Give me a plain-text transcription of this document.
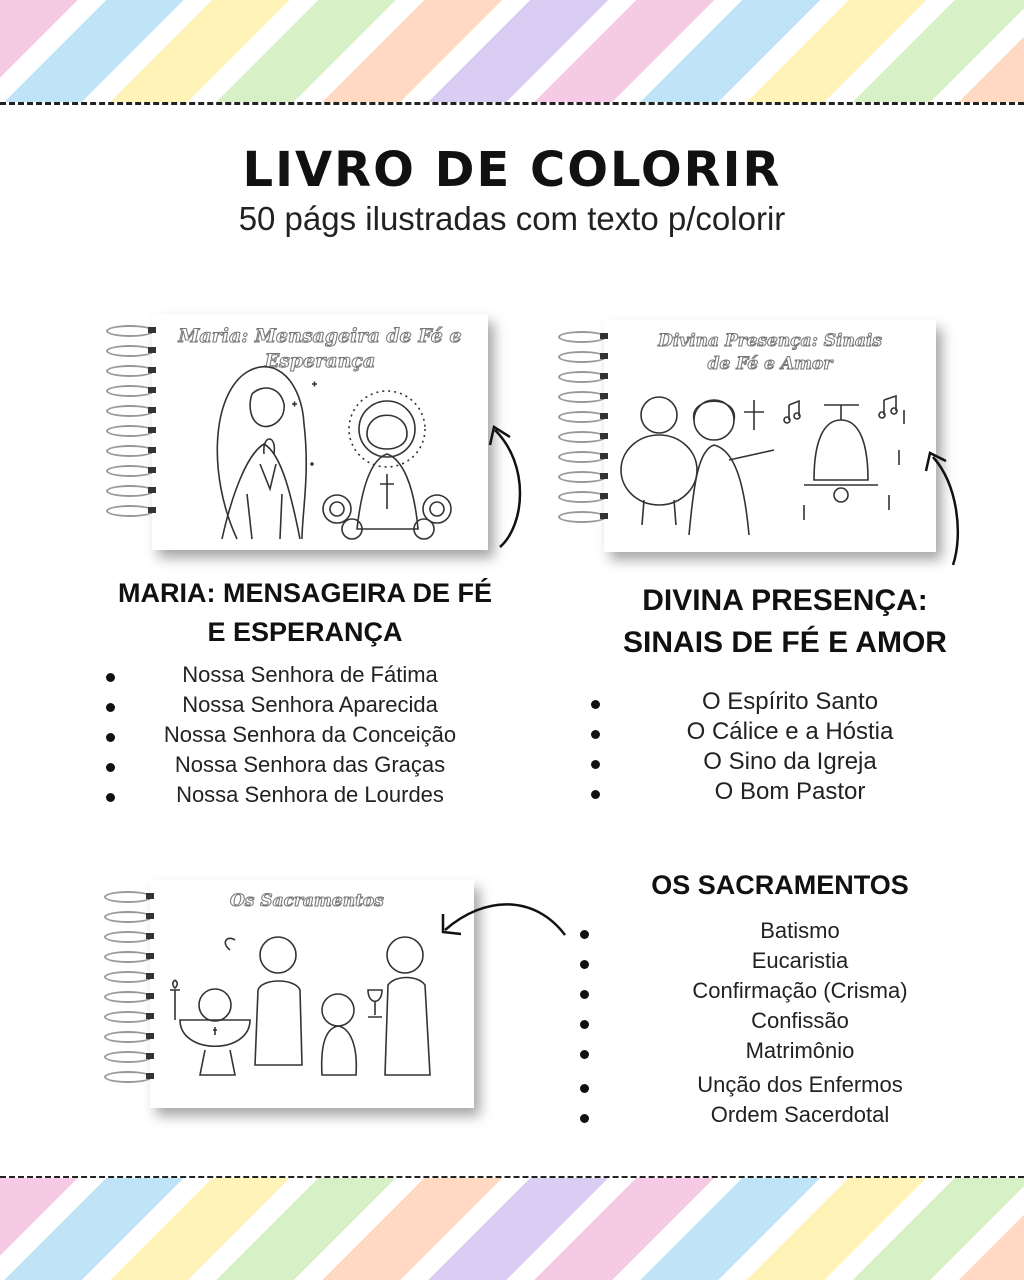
LIVRO DE COLORIR
50 págs ilustradas com texto p/colorir
Maria: Mensageira de Fé e Esperança
Divina Presença: Sinais de Fé e Amor
Os Sacramentos
MARIA: MENSAGEIRA DE FÉ
E ESPERANÇA
Nossa Senhora de Fátima
Nossa Senhora Aparecida
Nossa Senhora da Conceição
Nossa Senhora das Graças
Nossa Senhora de Lourdes
DIVINA PRESENÇA:
SINAIS DE FÉ E AMOR
O Espírito Santo
O Cálice e a Hóstia
O Sino da Igreja
O Bom Pastor
OS SACRAMENTOS
Batismo
Eucaristia
Confirmação (Crisma)
Confissão
Matrimônio
Unção dos Enfermos
Ordem Sacerdotal
